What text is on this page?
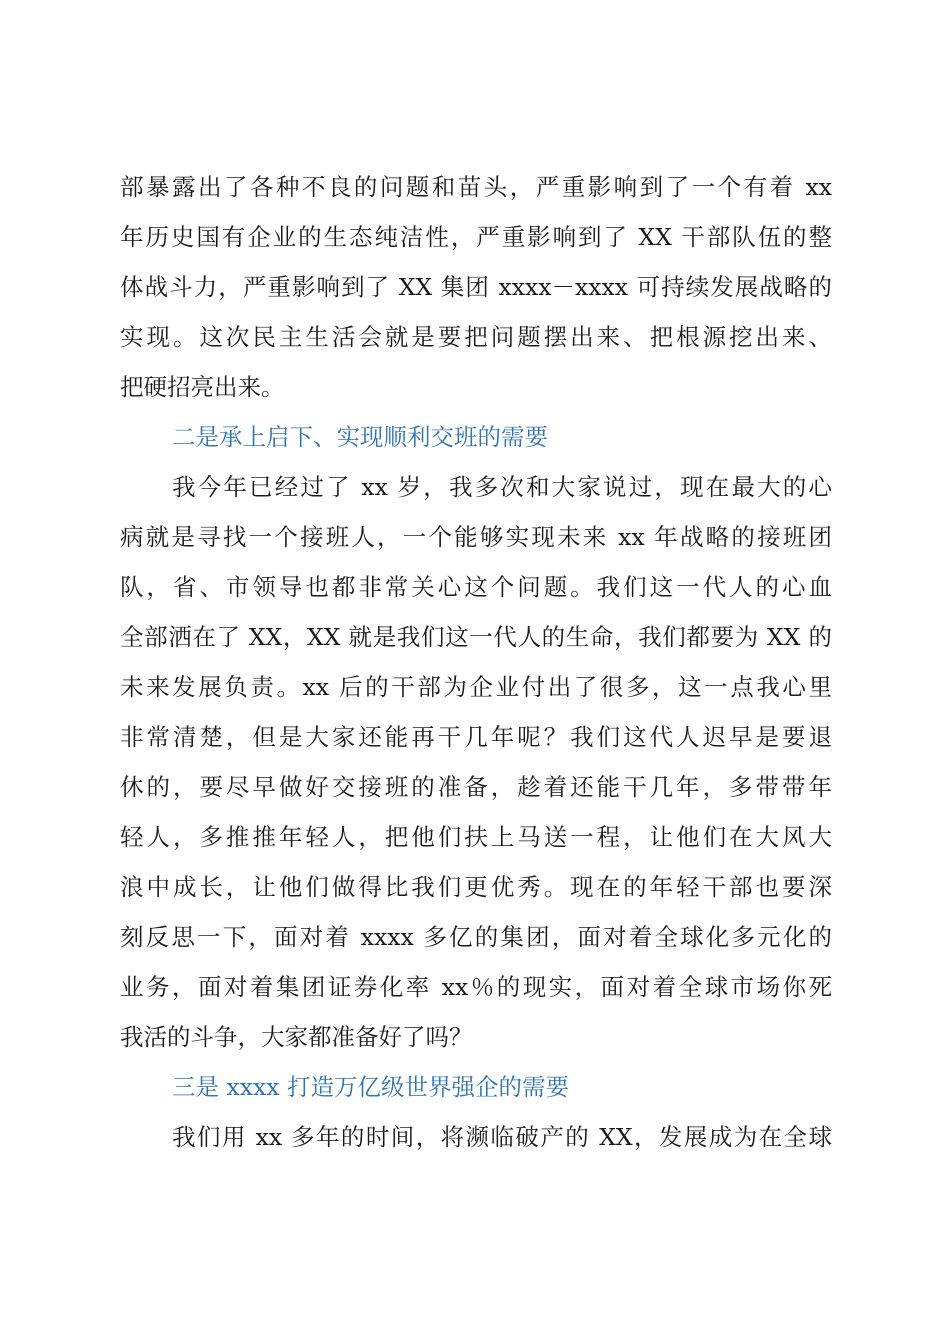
部暴露出了各种不良的问题和苗头，严重影响到了一个有着 xx
年历史国有企业的生态纯洁性，严重影响到了 XX 干部队伍的整
体战斗力，严重影响到了 XX 集团 xxxx－xxxx 可持续发展战略的
实现。这次民主生活会就是要把问题摆出来、把根源挖出来、
把硬招亮出来。
二是承上启下、实现顺利交班的需要
我今年已经过了 xx 岁，我多次和大家说过，现在最大的心
病就是寻找一个接班人，一个能够实现未来 xx 年战略的接班团
队，省、市领导也都非常关心这个问题。我们这一代人的心血
全部洒在了 XX，XX 就是我们这一代人的生命，我们都要为 XX 的
未来发展负责。xx 后的干部为企业付出了很多，这一点我心里
非常清楚，但是大家还能再干几年呢？我们这代人迟早是要退
休的，要尽早做好交接班的准备，趁着还能干几年，多带带年
轻人，多推推年轻人，把他们扶上马送一程，让他们在大风大
浪中成长，让他们做得比我们更优秀。现在的年轻干部也要深
刻反思一下，面对着 xxxx 多亿的集团，面对着全球化多元化的
业务，面对着集团证券化率 xx％的现实，面对着全球市场你死
我活的斗争，大家都准备好了吗？
三是 xxxx 打造万亿级世界强企的需要
我们用 xx 多年的时间，将濒临破产的 XX，发展成为在全球
